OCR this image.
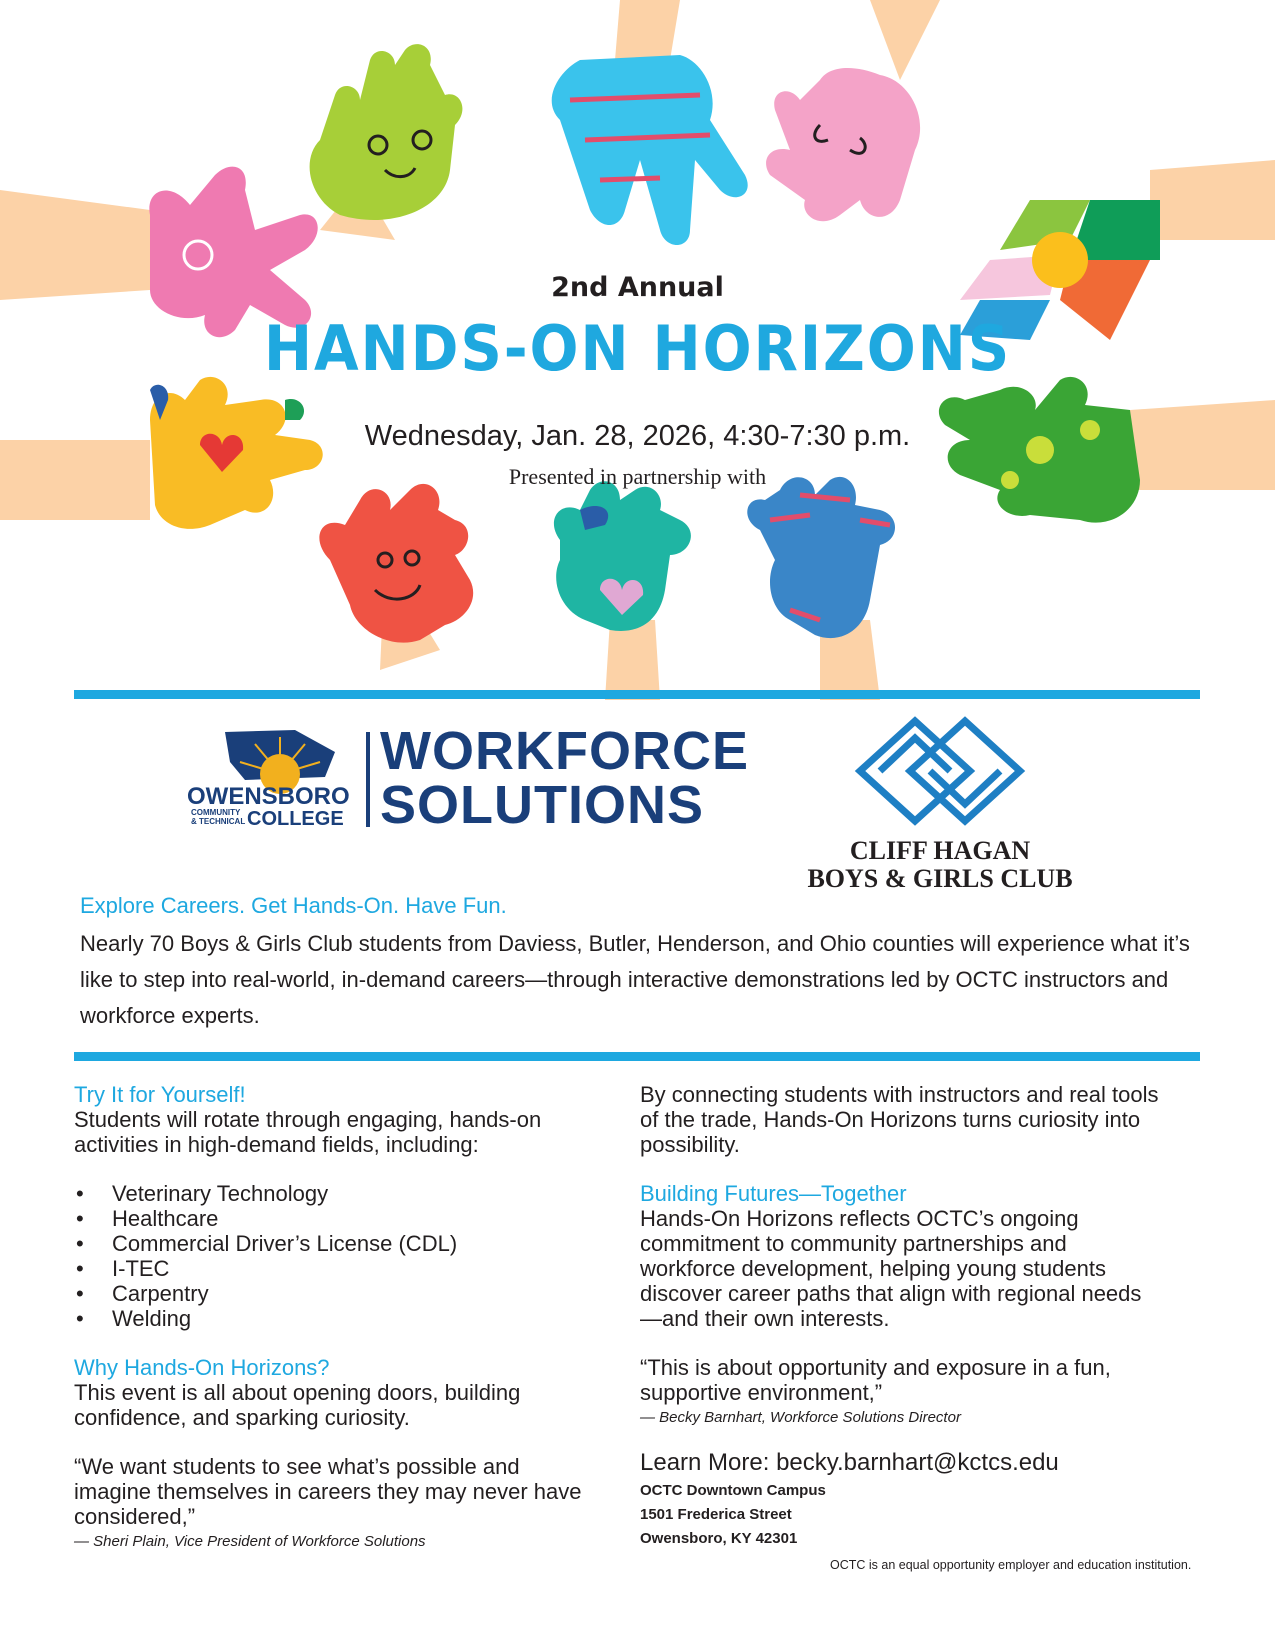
2nd Annual
HANDS-ON HORIZONS
Wednesday, Jan. 28, 2026, 4:30-7:30 p.m.
Presented in partnership with
OWENSBORO
COMMUNITY
& TECHNICAL COLLEGE
WORKFORCE
SOLUTIONS
CLIFF HAGAN
BOYS & GIRLS CLUB
Explore Careers. Get Hands-On. Have Fun.
Nearly 70 Boys & Girls Club students from Daviess, Butler, Henderson, and Ohio counties will experience what it’s like to step into real-world, in-demand careers—through interactive demonstrations led by OCTC instructors and workforce experts.
Try It for Yourself!
Students will rotate through engaging, hands-on activities in high-demand fields, including:
• Veterinary Technology
• Healthcare
• Commercial Driver’s License (CDL)
• I-TEC
• Carpentry
• Welding
Why Hands-On Horizons?
This event is all about opening doors, building confidence, and sparking curiosity.
“We want students to see what’s possible and imagine themselves in careers they may never have considered,”
— Sheri Plain, Vice President of Workforce Solutions
By connecting students with instructors and real tools of the trade, Hands-On Horizons turns curiosity into possibility.
Building Futures—Together
Hands-On Horizons reflects OCTC’s ongoing commitment to community partnerships and workforce development, helping young students discover career paths that align with regional needs—and their own interests.
“This is about opportunity and exposure in a fun, supportive environment,”
— Becky Barnhart, Workforce Solutions Director
Learn More: becky.barnhart@kctcs.edu
OCTC Downtown Campus
1501 Frederica Street
Owensboro, KY 42301
OCTC is an equal opportunity employer and education institution.
